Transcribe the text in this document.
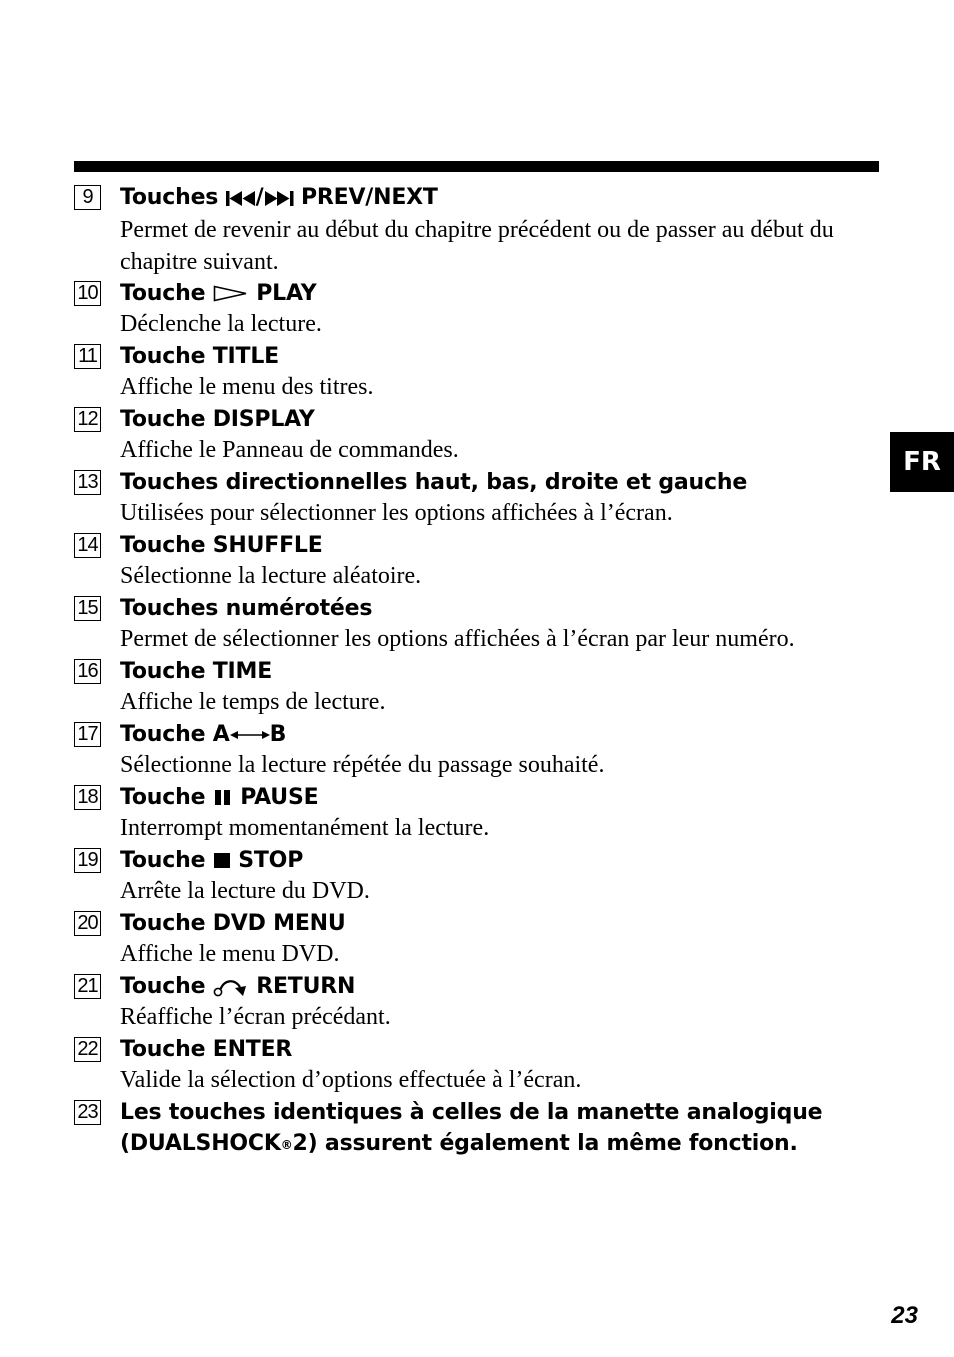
9	Touches / PREV/NEXT
Permet de revenir au début du chapitre précédent ou de passer au début du chapitre suivant.
10 Touche PLAY
Déclenche la lecture.
11 Touche TITLE
Affiche le menu des titres.
12 Touche DISPLAY
Affiche le Panneau de commandes.
13 Touches directionnelles haut, bas, droite et gauche
Utilisées pour sélectionner les options affichées à l’écran.
14 Touche SHUFFLE
Sélectionne la lecture aléatoire.
15 Touches numérotées
Permet de sélectionner les options affichées à l’écran par leur numéro.
16 Touche TIME
Affiche le temps de lecture.
17 Touche A B
Sélectionne la lecture répétée du passage souhaité.
18 Touche PAUSE
Interrompt momentanément la lecture.
19 Touche STOP
Arrête la lecture du DVD.
20 Touche DVD MENU
Affiche le menu DVD.
21 Touche RETURN
Réaffiche l’écran précédant.
22 Touche ENTER
Valide la sélection d’options effectuée à l’écran.
23 Les touches identiques à celles de la manette analogique
(DUALSHOCK®2) assurent également la même fonction.
FR
23
